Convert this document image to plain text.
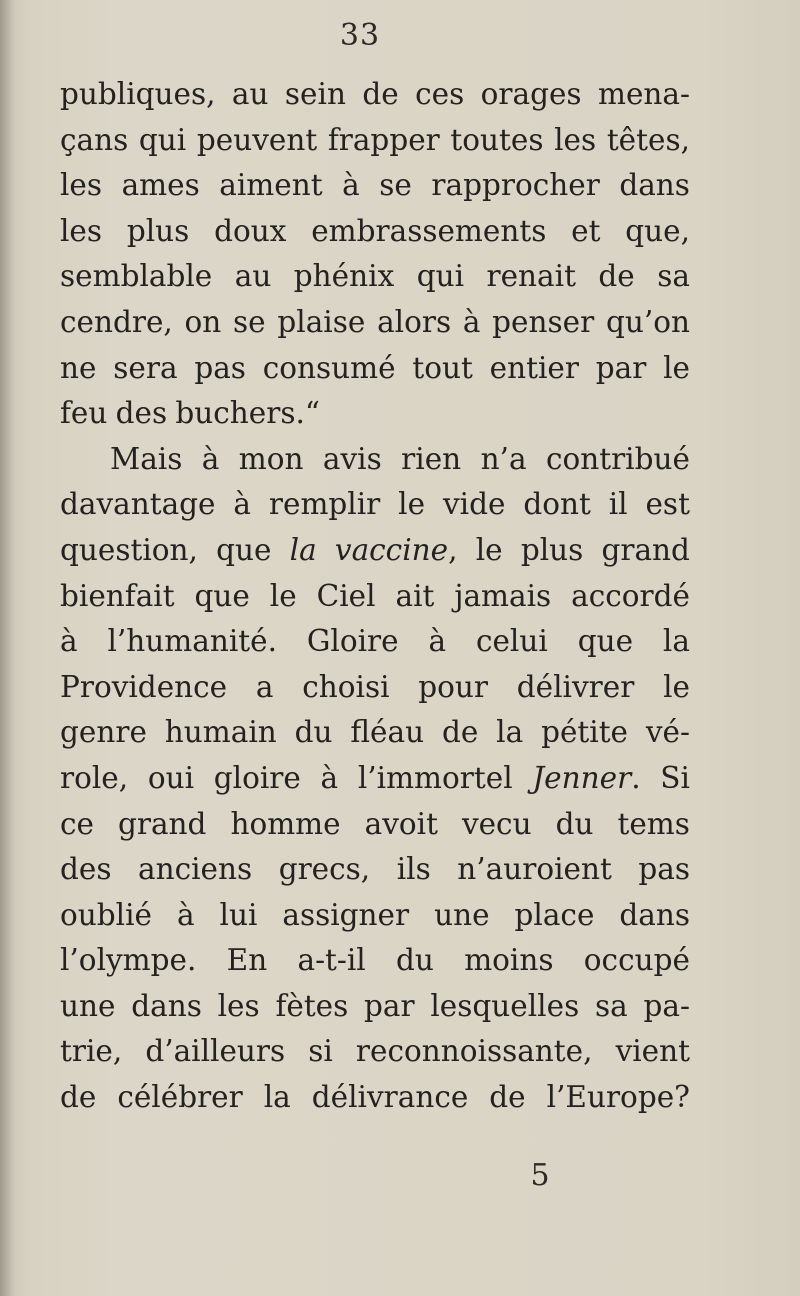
33
publiques, au sein de ces orages mena-
çans qui peuvent frapper toutes les têtes,
les ames aiment à se rapprocher dans
les plus doux embrassements et que,
semblable au phénix qui renait de sa
cendre, on se plaise alors à penser qu’on
ne sera pas consumé tout entier par le
feu des buchers.“
Mais à mon avis rien n’a contribué
davantage à remplir le vide dont il est
question, que la vaccine, le plus grand
bienfait que le Ciel ait jamais accordé
à l’humanité. Gloire à celui que la
Providence a choisi pour délivrer le
genre humain du fléau de la pétite vé-
role, oui gloire à l’immortel Jenner. Si
ce grand homme avoit vecu du tems
des anciens grecs, ils n’auroient pas
oublié à lui assigner une place dans
l’olympe. En a-t-il du moins occupé
une dans les fètes par lesquelles sa pa-
trie, d’ailleurs si reconnoissante, vient
de célébrer la délivrance de l’Europe?
5
